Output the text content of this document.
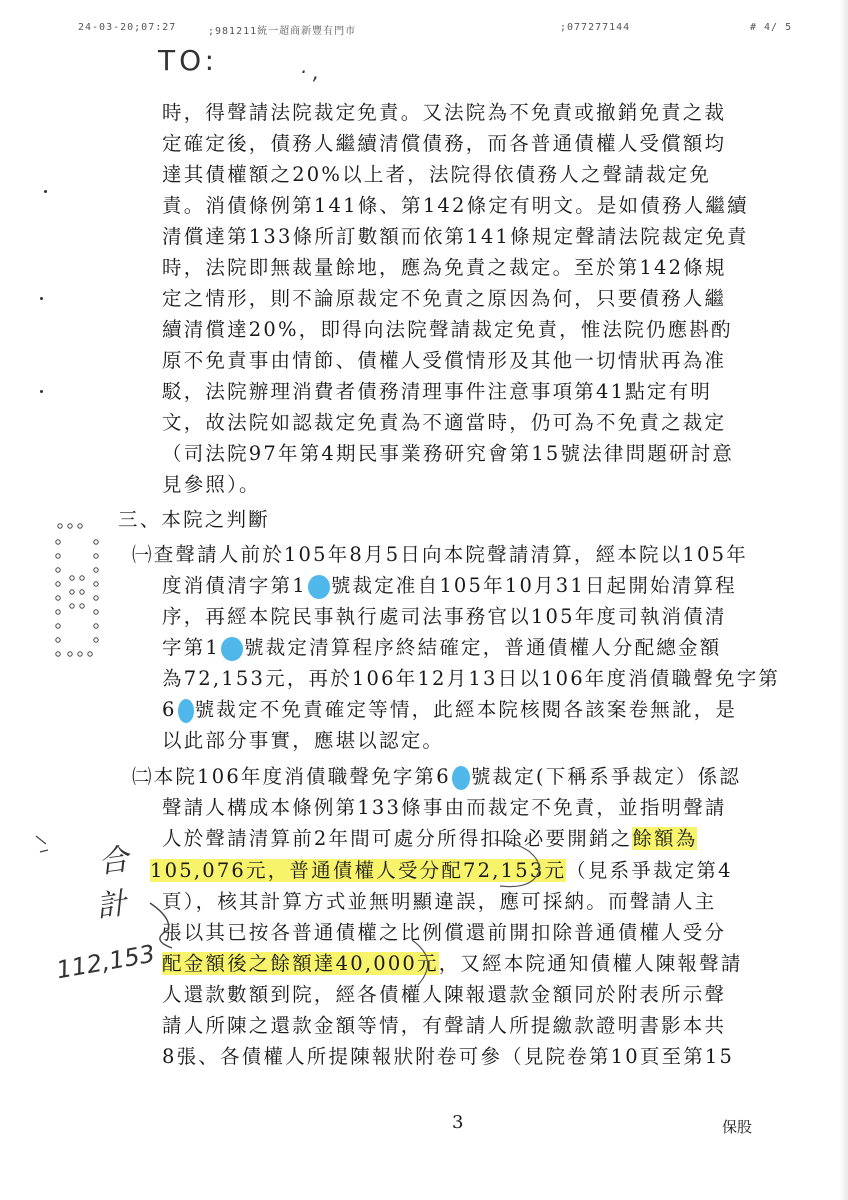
24-03-20;07:27	;981211統一超商新豐有門市	;077277144	# 4/ 5
TO:	· ,
時，得聲請法院裁定免責。又法院為不免責或撤銷免責之裁
定確定後，債務人繼續清償債務，而各普通債權人受償額均
達其債權額之20%以上者，法院得依債務人之聲請裁定免
責。消債條例第141條、第142條定有明文。是如債務人繼續
清償達第133條所訂數額而依第141條規定聲請法院裁定免責
時，法院即無裁量餘地，應為免責之裁定。至於第142條規
定之情形，則不論原裁定不免責之原因為何，只要債務人繼
續清償達20%，即得向法院聲請裁定免責，惟法院仍應斟酌
原不免責事由情節、債權人受償情形及其他一切情狀再為准
駁，法院辦理消費者債務清理事件注意事項第41點定有明
文，故法院如認裁定免責為不適當時，仍可為不免責之裁定
（司法院97年第4期民事業務研究會第15號法律問題研討意
見參照）。
三、本院之判斷
㈠查聲請人前於105年8月5日向本院聲請清算，經本院以105年
度消債清字第1 號裁定准自105年10月31日起開始清算程
序，再經本院民事執行處司法事務官以105年度司執消債清
字第1 號裁定清算程序終結確定，普通債權人分配總金額
為72,153元，再於106年12月13日以106年度消債職聲免字第
6 號裁定不免責確定等情，此經本院核閱各該案卷無訛，是
以此部分事實，應堪以認定。
㈡本院106年度消債職聲免字第6 號裁定(下稱系爭裁定）係認
聲請人構成本條例第133條事由而裁定不免責，並指明聲請
人於聲請清算前2年間可處分所得扣除必要開銷之餘額為
105,076元，普通債權人受分配72,153元（見系爭裁定第4
頁），核其計算方式並無明顯違誤，應可採納。而聲請人主
張以其已按各普通債權之比例償還前開扣除普通債權人受分
配金額後之餘額達40,000元，又經本院通知債權人陳報聲請
人還款數額到院，經各債權人陳報還款金額同於附表所示聲
請人所陳之還款金額等情，有聲請人所提繳款證明書影本共
8張、各債權人所提陳報狀附卷可參（見院卷第10頁至第15
合
計
112,153
3	保股
